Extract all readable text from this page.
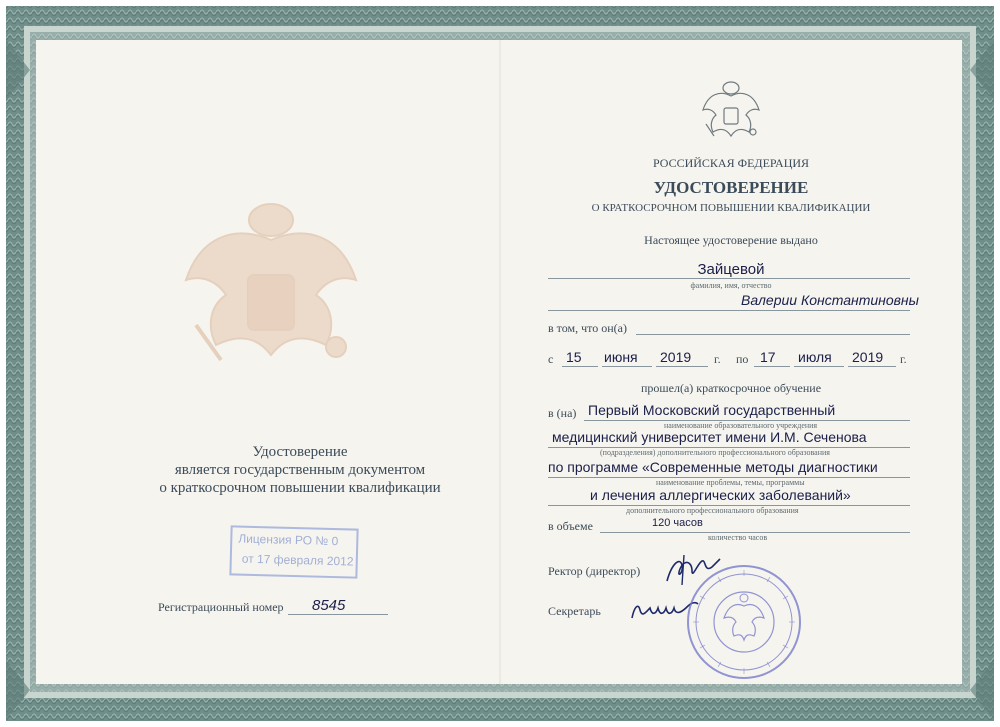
Удостоверение
является государственным документом
о краткосрочном повышении квалификации
Лицензия РО № 0
от 17 февраля 2012
Регистрационный номер 8545
РОССИЙСКАЯ ФЕДЕРАЦИЯ
УДОСТОВЕРЕНИЕ
О КРАТКОСРОЧНОМ ПОВЫШЕНИИ КВАЛИФИКАЦИИ
Настоящее удостоверение выдано
Зайцевой
фамилия, имя, отчество
Валерии Константиновны
в том, что он(а)
с 15 июня 2019 г. по 17 июля 2019 г.
прошел(а) краткосрочное обучение
в (на) Первый Московский государственный
наименование образовательного учреждения
медицинский университет имени И.М. Сеченова
(подразделения) дополнительного профессионального образования
по программе «Современные методы диагностики
наименование проблемы, темы, программы
и лечения аллергических заболеваний»
дополнительного профессионального образования
в объеме	120 часов
количество часов
Ректор (директор)
Секретарь
